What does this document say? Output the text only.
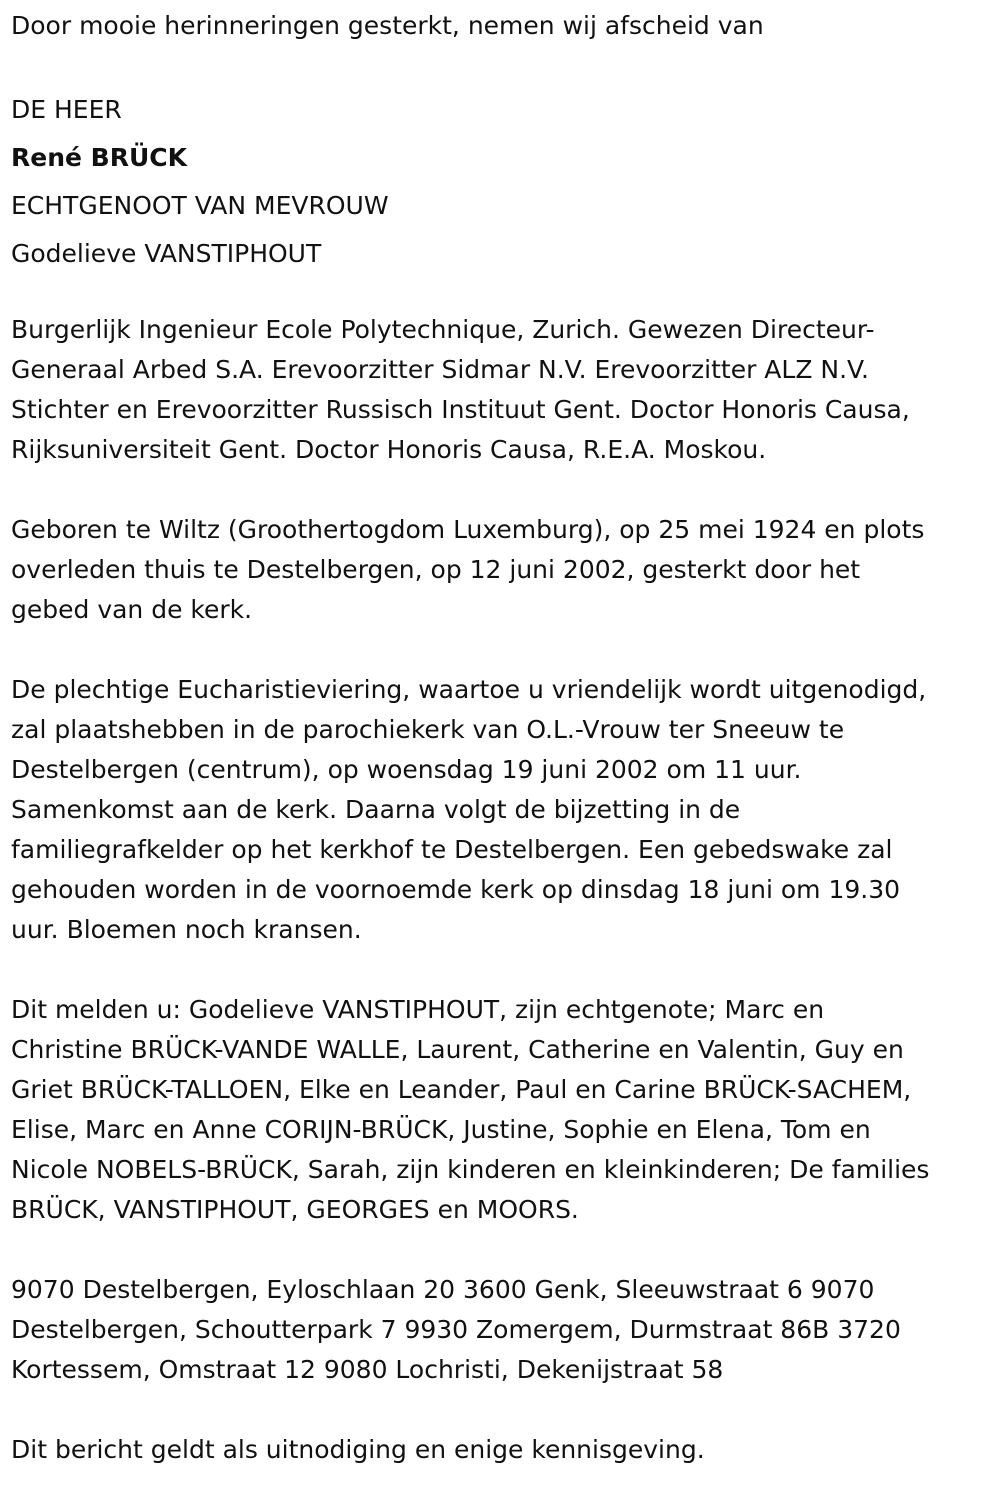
Door mooie herinneringen gesterkt, nemen wij afscheid van

DE HEER

René BRÜCK

ECHTGENOOT VAN MEVROUW

Godelieve VANSTIPHOUT

Burgerlijk Ingenieur Ecole Polytechnique, Zurich. Gewezen Directeur-

Generaal Arbed S.A. Erevoorzitter Sidmar N.V. Erevoorzitter ALZ N.V.

Stichter en Erevoorzitter Russisch Instituut Gent. Doctor Honoris Causa,

Rijksuniversiteit Gent. Doctor Honoris Causa, R.E.A. Moskou.

Geboren te Wiltz (Groothertogdom Luxemburg), op 25 mei 1924 en plots

overleden thuis te Destelbergen, op 12 juni 2002, gesterkt door het

gebed van de kerk.

De plechtige Eucharistieviering, waartoe u vriendelijk wordt uitgenodigd,

zal plaatshebben in de parochiekerk van O.L.-Vrouw ter Sneeuw te

Destelbergen (centrum), op woensdag 19 juni 2002 om 11 uur.

Samenkomst aan de kerk. Daarna volgt de bijzetting in de

familiegrafkelder op het kerkhof te Destelbergen. Een gebedswake zal

gehouden worden in de voornoemde kerk op dinsdag 18 juni om 19.30

uur. Bloemen noch kransen.

Dit melden u: Godelieve VANSTIPHOUT, zijn echtgenote; Marc en

Christine BRÜCK-VANDE WALLE, Laurent, Catherine en Valentin, Guy en

Griet BRÜCK-TALLOEN, Elke en Leander, Paul en Carine BRÜCK-SACHEM,

Elise, Marc en Anne CORIJN-BRÜCK, Justine, Sophie en Elena, Tom en

Nicole NOBELS-BRÜCK, Sarah, zijn kinderen en kleinkinderen; De families

BRÜCK, VANSTIPHOUT, GEORGES en MOORS.

9070 Destelbergen, Eyloschlaan 20 3600 Genk, Sleeuwstraat 6 9070

Destelbergen, Schoutterpark 7 9930 Zomergem, Durmstraat 86B 3720

Kortessem, Omstraat 12 9080 Lochristi, Dekenijstraat 58

Dit bericht geldt als uitnodiging en enige kennisgeving.
